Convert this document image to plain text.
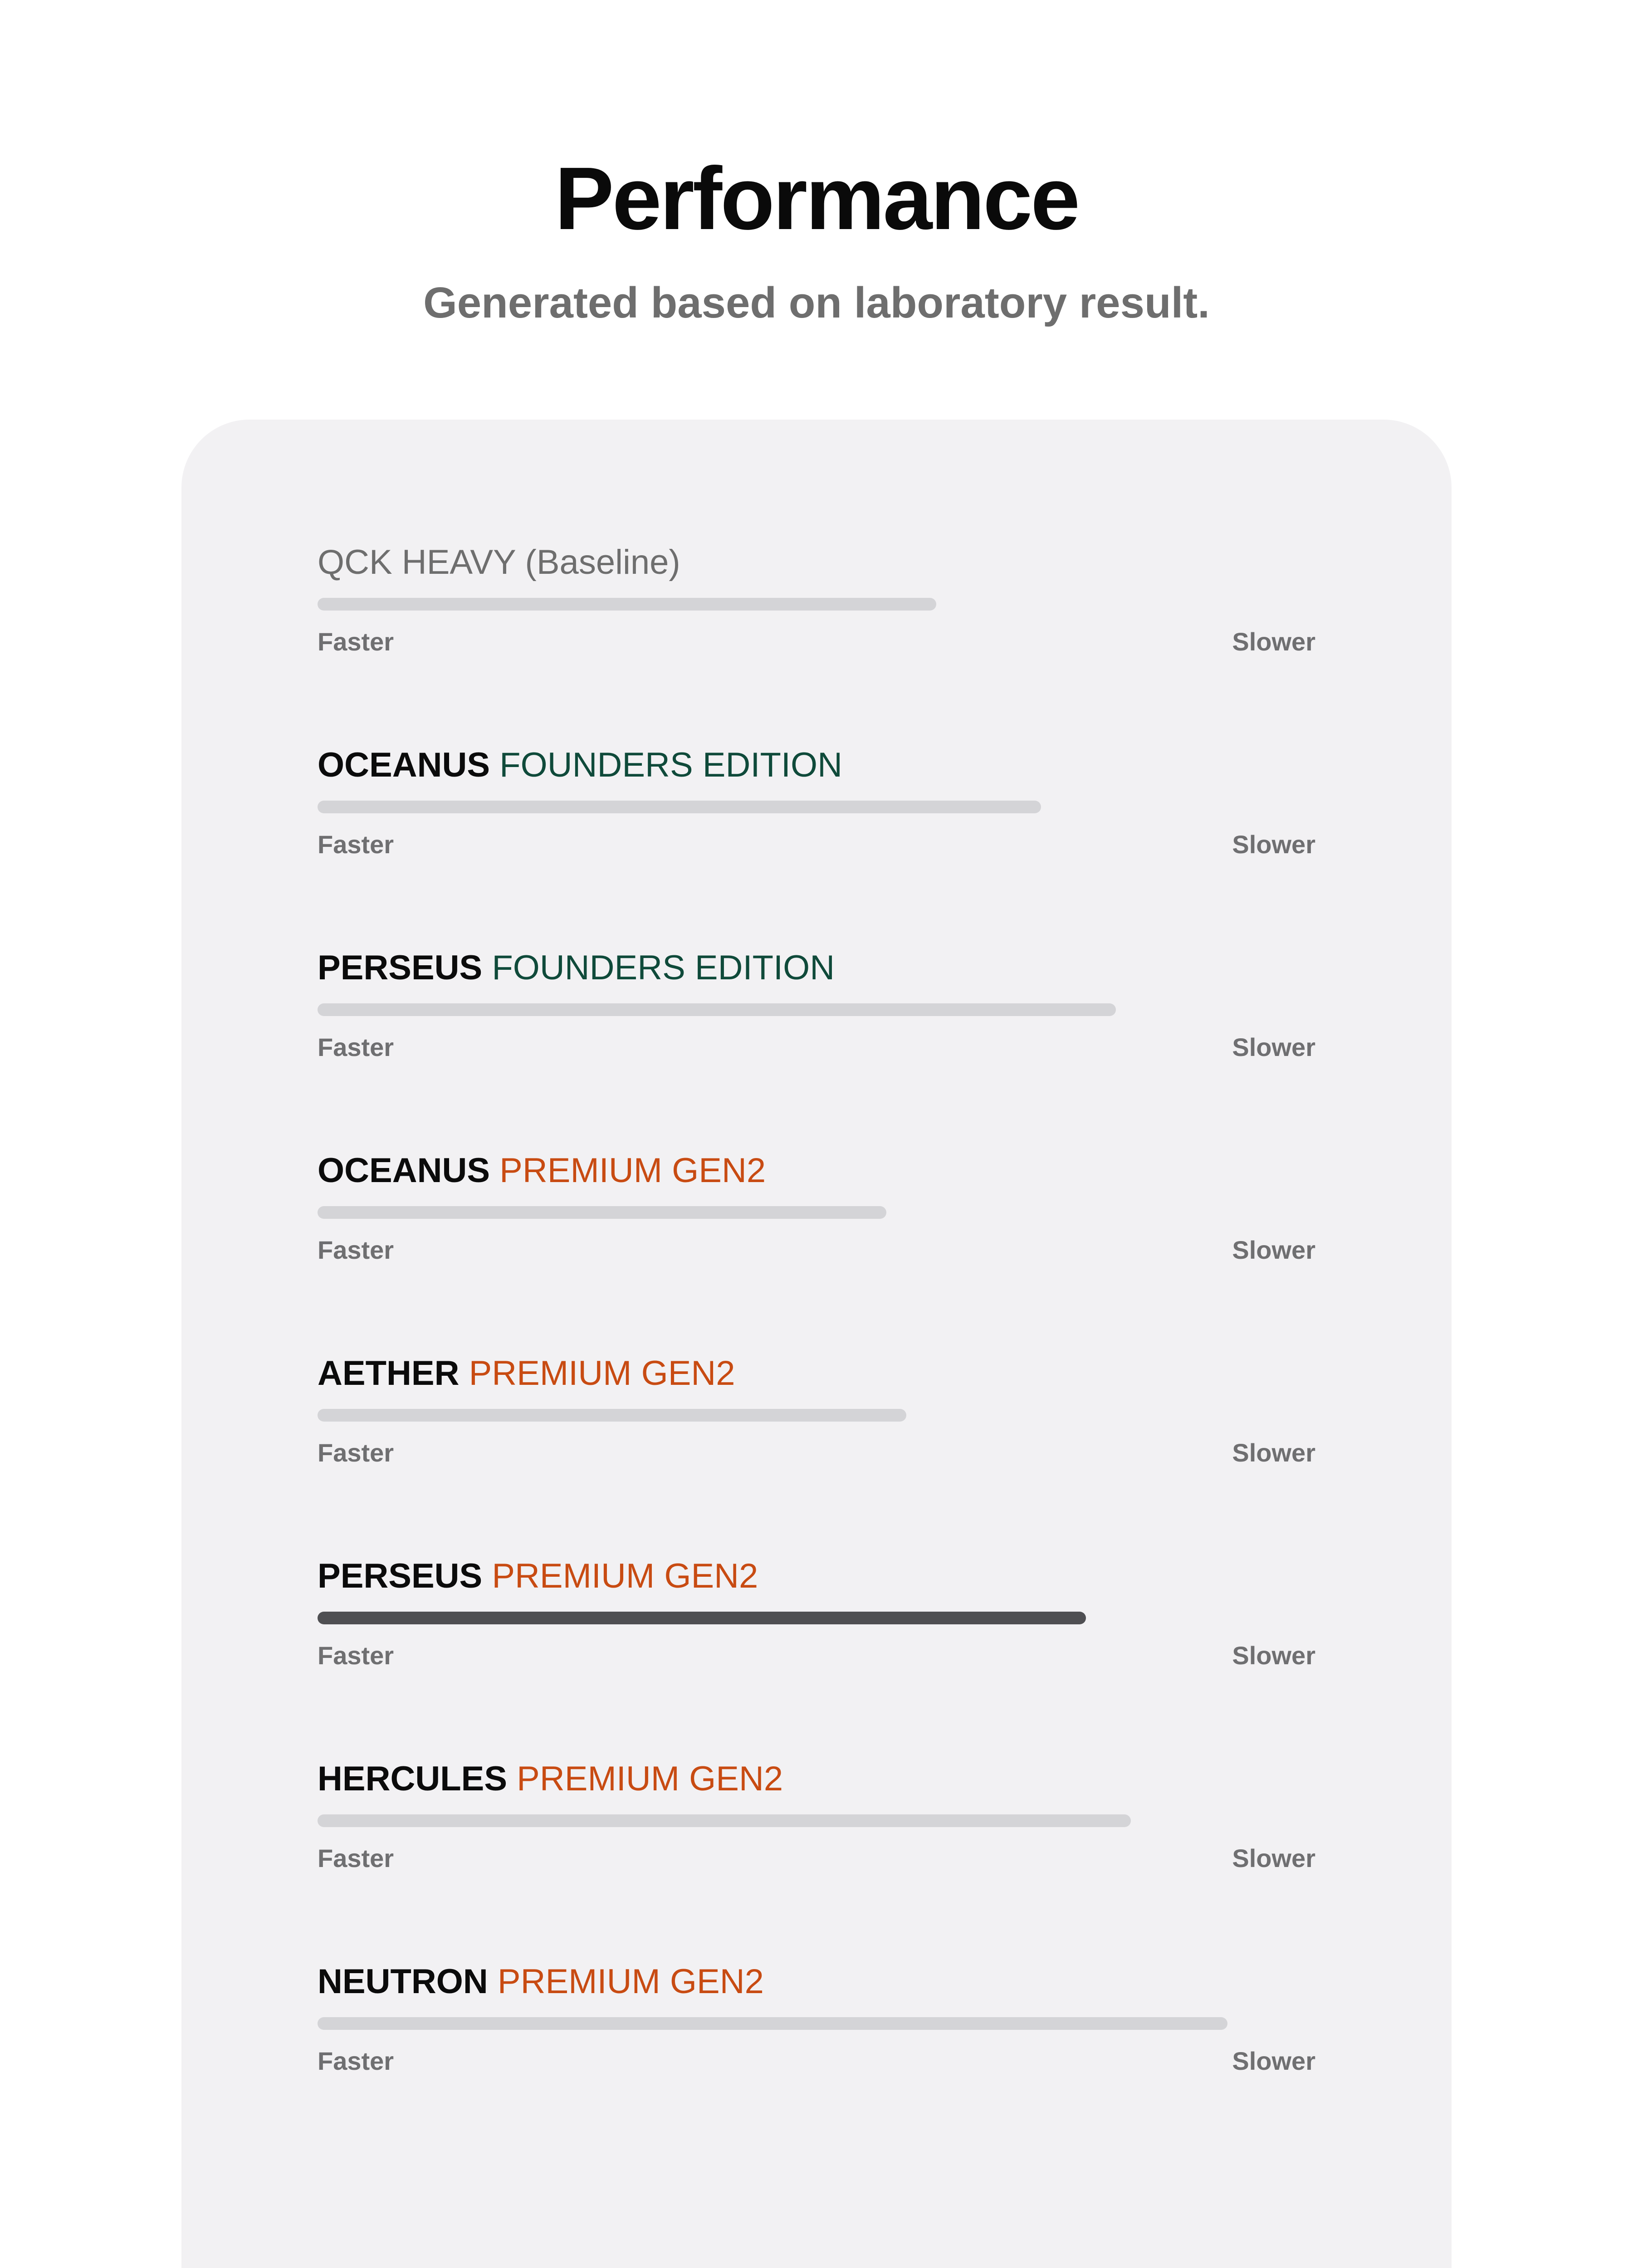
Performance
Generated based on laboratory result.
QCK HEAVY (Baseline)
Faster	Slower
OCEANUS FOUNDERS EDITION
Faster	Slower
PERSEUS FOUNDERS EDITION
Faster	Slower
OCEANUS PREMIUM GEN2
Faster	Slower
AETHER PREMIUM GEN2
Faster	Slower
PERSEUS PREMIUM GEN2
Faster	Slower
HERCULES PREMIUM GEN2
Faster	Slower
NEUTRON PREMIUM GEN2
Faster	Slower
